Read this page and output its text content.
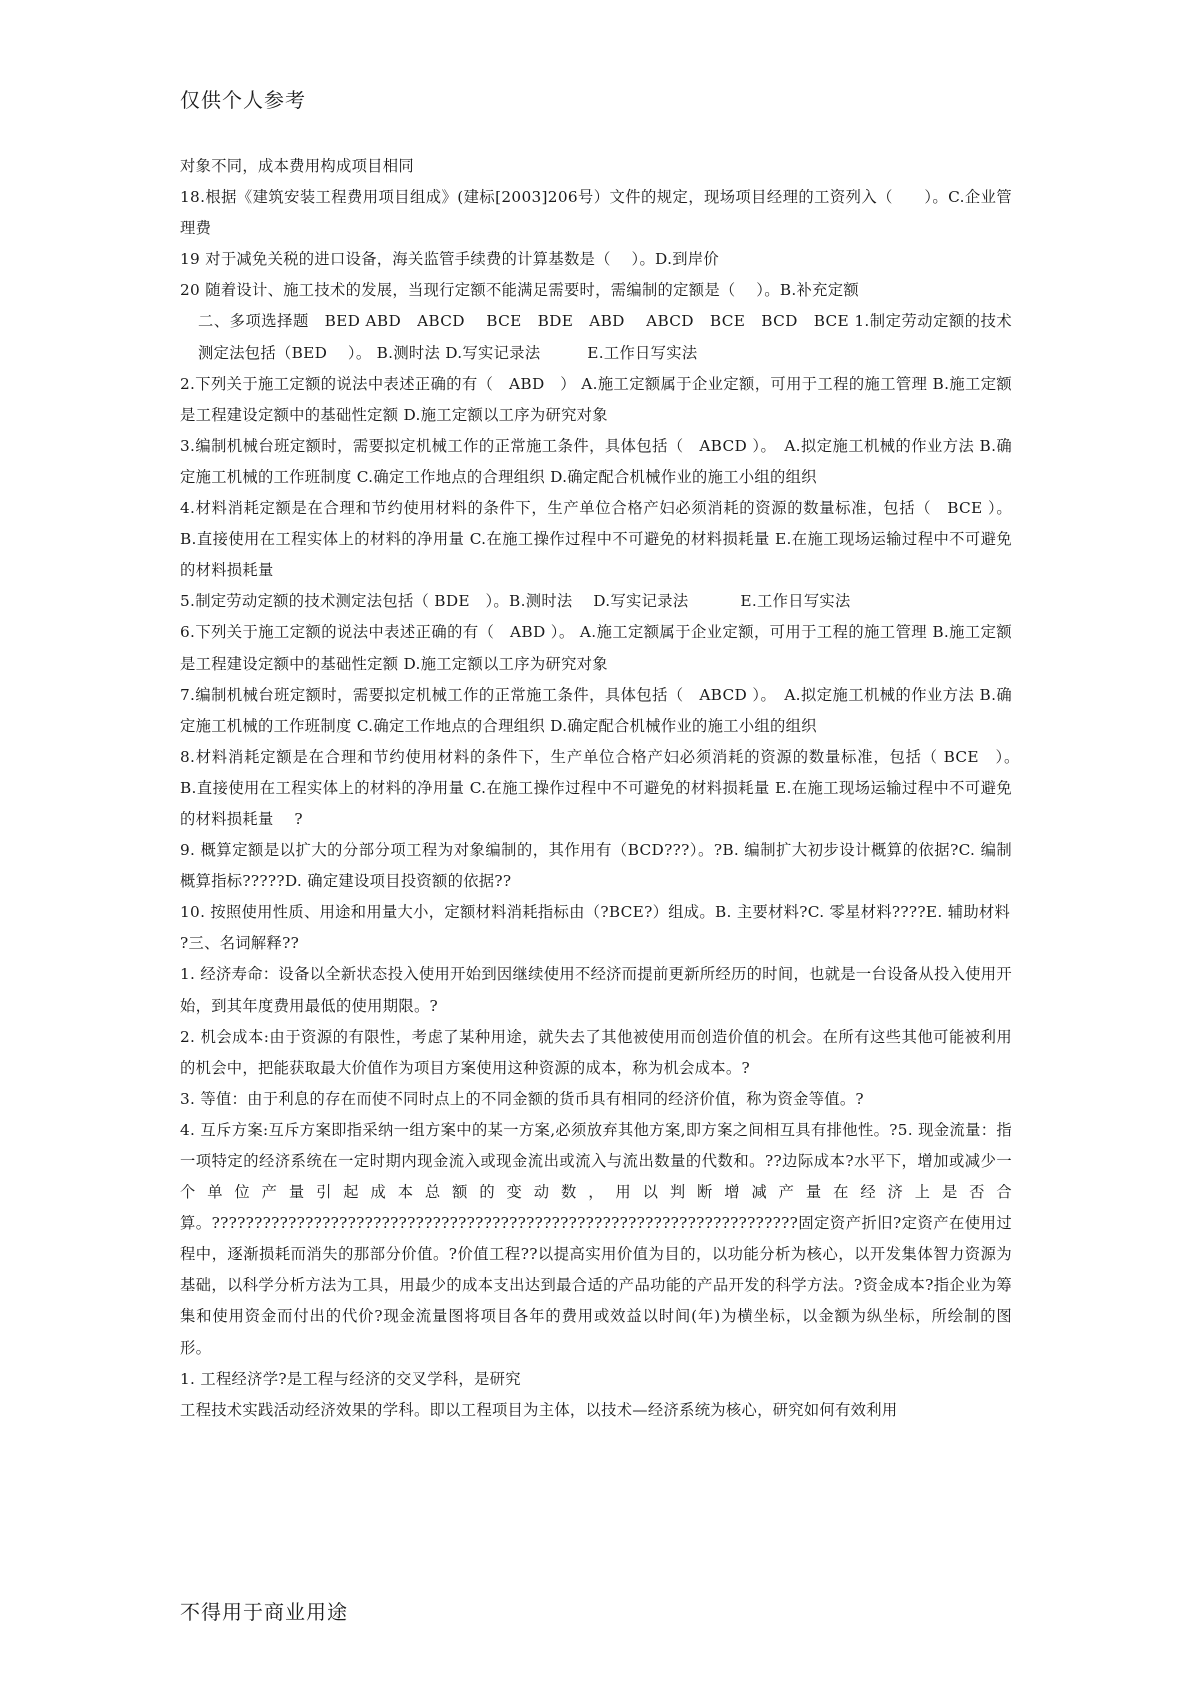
仅供个人参考

对象不同，成本费用构成项目相同

18.根据《建筑安装工程费用项目组成》(建标[2003]206号）文件的规定，现场项目经理的工资列入（　　）。C.企业管理费

19 对于减免关税的进口设备，海关监管手续费的计算基数是（　 ）。D.到岸价

20 随着设计、施工技术的发展，当现行定额不能满足需要时，需编制的定额是（　 ）。B.补充定额

二、多项选择题　BED ABD　ABCD　 BCE　BDE　ABD　 ABCD　BCE　BCD　BCE 1.制定劳动定额的技术测定法包括（BED　 ）。 B.测时法 D.写实记录法　　　E.工作日写实法

2.下列关于施工定额的说法中表述正确的有（　ABD　） A.施工定额属于企业定额，可用于工程的施工管理 B.施工定额是工程建设定额中的基础性定额 D.施工定额以工序为研究对象

3.编制机械台班定额时，需要拟定机械工作的正常施工条件，具体包括（　ABCD ）。　A.拟定施工机械的作业方法 B.确定施工机械的工作班制度 C.确定工作地点的合理组织 D.确定配合机械作业的施工小组的组织

4.材料消耗定额是在合理和节约使用材料的条件下，生产单位合格产妇必须消耗的资源的数量标准，包括（　BCE ）。 B.直接使用在工程实体上的材料的净用量 C.在施工操作过程中不可避免的材料损耗量 E.在施工现场运输过程中不可避免的材料损耗量

5.制定劳动定额的技术测定法包括（ BDE　）。B.测时法　 D.写实记录法　　　 E.工作日写实法

6.下列关于施工定额的说法中表述正确的有（　ABD ）。 A.施工定额属于企业定额，可用于工程的施工管理 B.施工定额是工程建设定额中的基础性定额 D.施工定额以工序为研究对象

7.编制机械台班定额时，需要拟定机械工作的正常施工条件，具体包括（　ABCD ）。　A.拟定施工机械的作业方法 B.确定施工机械的工作班制度 C.确定工作地点的合理组织 D.确定配合机械作业的施工小组的组织

8.材料消耗定额是在合理和节约使用材料的条件下，生产单位合格产妇必须消耗的资源的数量标准，包括（ BCE　）。　B.直接使用在工程实体上的材料的净用量 C.在施工操作过程中不可避免的材料损耗量 E.在施工现场运输过程中不可避免的材料损耗量　 ?

9. 概算定额是以扩大的分部分项工程为对象编制的，其作用有（BCD???）。?B. 编制扩大初步设计概算的依据?C. 编制概算指标?????D. 确定建设项目投资额的依据??

10. 按照使用性质、用途和用量大小，定额材料消耗指标由（?BCE?）组成。B. 主要材料?C. 零星材料????E. 辅助材料

?三、名词解释??

1. 经济寿命：设备以全新状态投入使用开始到因继续使用不经济而提前更新所经历的时间，也就是一台设备从投入使用开始，到其年度费用最低的使用期限。?

2. 机会成本:由于资源的有限性，考虑了某种用途，就失去了其他被使用而创造价值的机会。在所有这些其他可能被利用的机会中，把能获取最大价值作为项目方案使用这种资源的成本，称为机会成本。?

3. 等值：由于利息的存在而使不同时点上的不同金额的货币具有相同的经济价值，称为资金等值。?

4. 互斥方案:互斥方案即指采纳一组方案中的某一方案,必须放弃其他方案,即方案之间相互具有排他性。?5. 现金流量：指一项特定的经济系统在一定时期内现金流入或现金流出或流入与流出数量的代数和。??边际成本?水平下，增加或减少一个单位产量引起成本总额的变动数，用以判断增减产量在经济上是否合算。?????????????????????????????????????????????????????????????????????固定资产折旧?定资产在使用过程中，逐渐损耗而消失的那部分价值。?价值工程??以提高实用价值为目的，以功能分析为核心，以开发集体智力资源为基础，以科学分析方法为工具，用最少的成本支出达到最合适的产品功能的产品开发的科学方法。?资金成本?指企业为筹集和使用资金而付出的代价?现金流量图将项目各年的费用或效益以时间(年)为横坐标，以金额为纵坐标，所绘制的图形。

1. 工程经济学?是工程与经济的交叉学科，是研究

工程技术实践活动经济效果的学科。即以工程项目为主体，以技术—经济系统为核心，研究如何有效利用

不得用于商业用途
